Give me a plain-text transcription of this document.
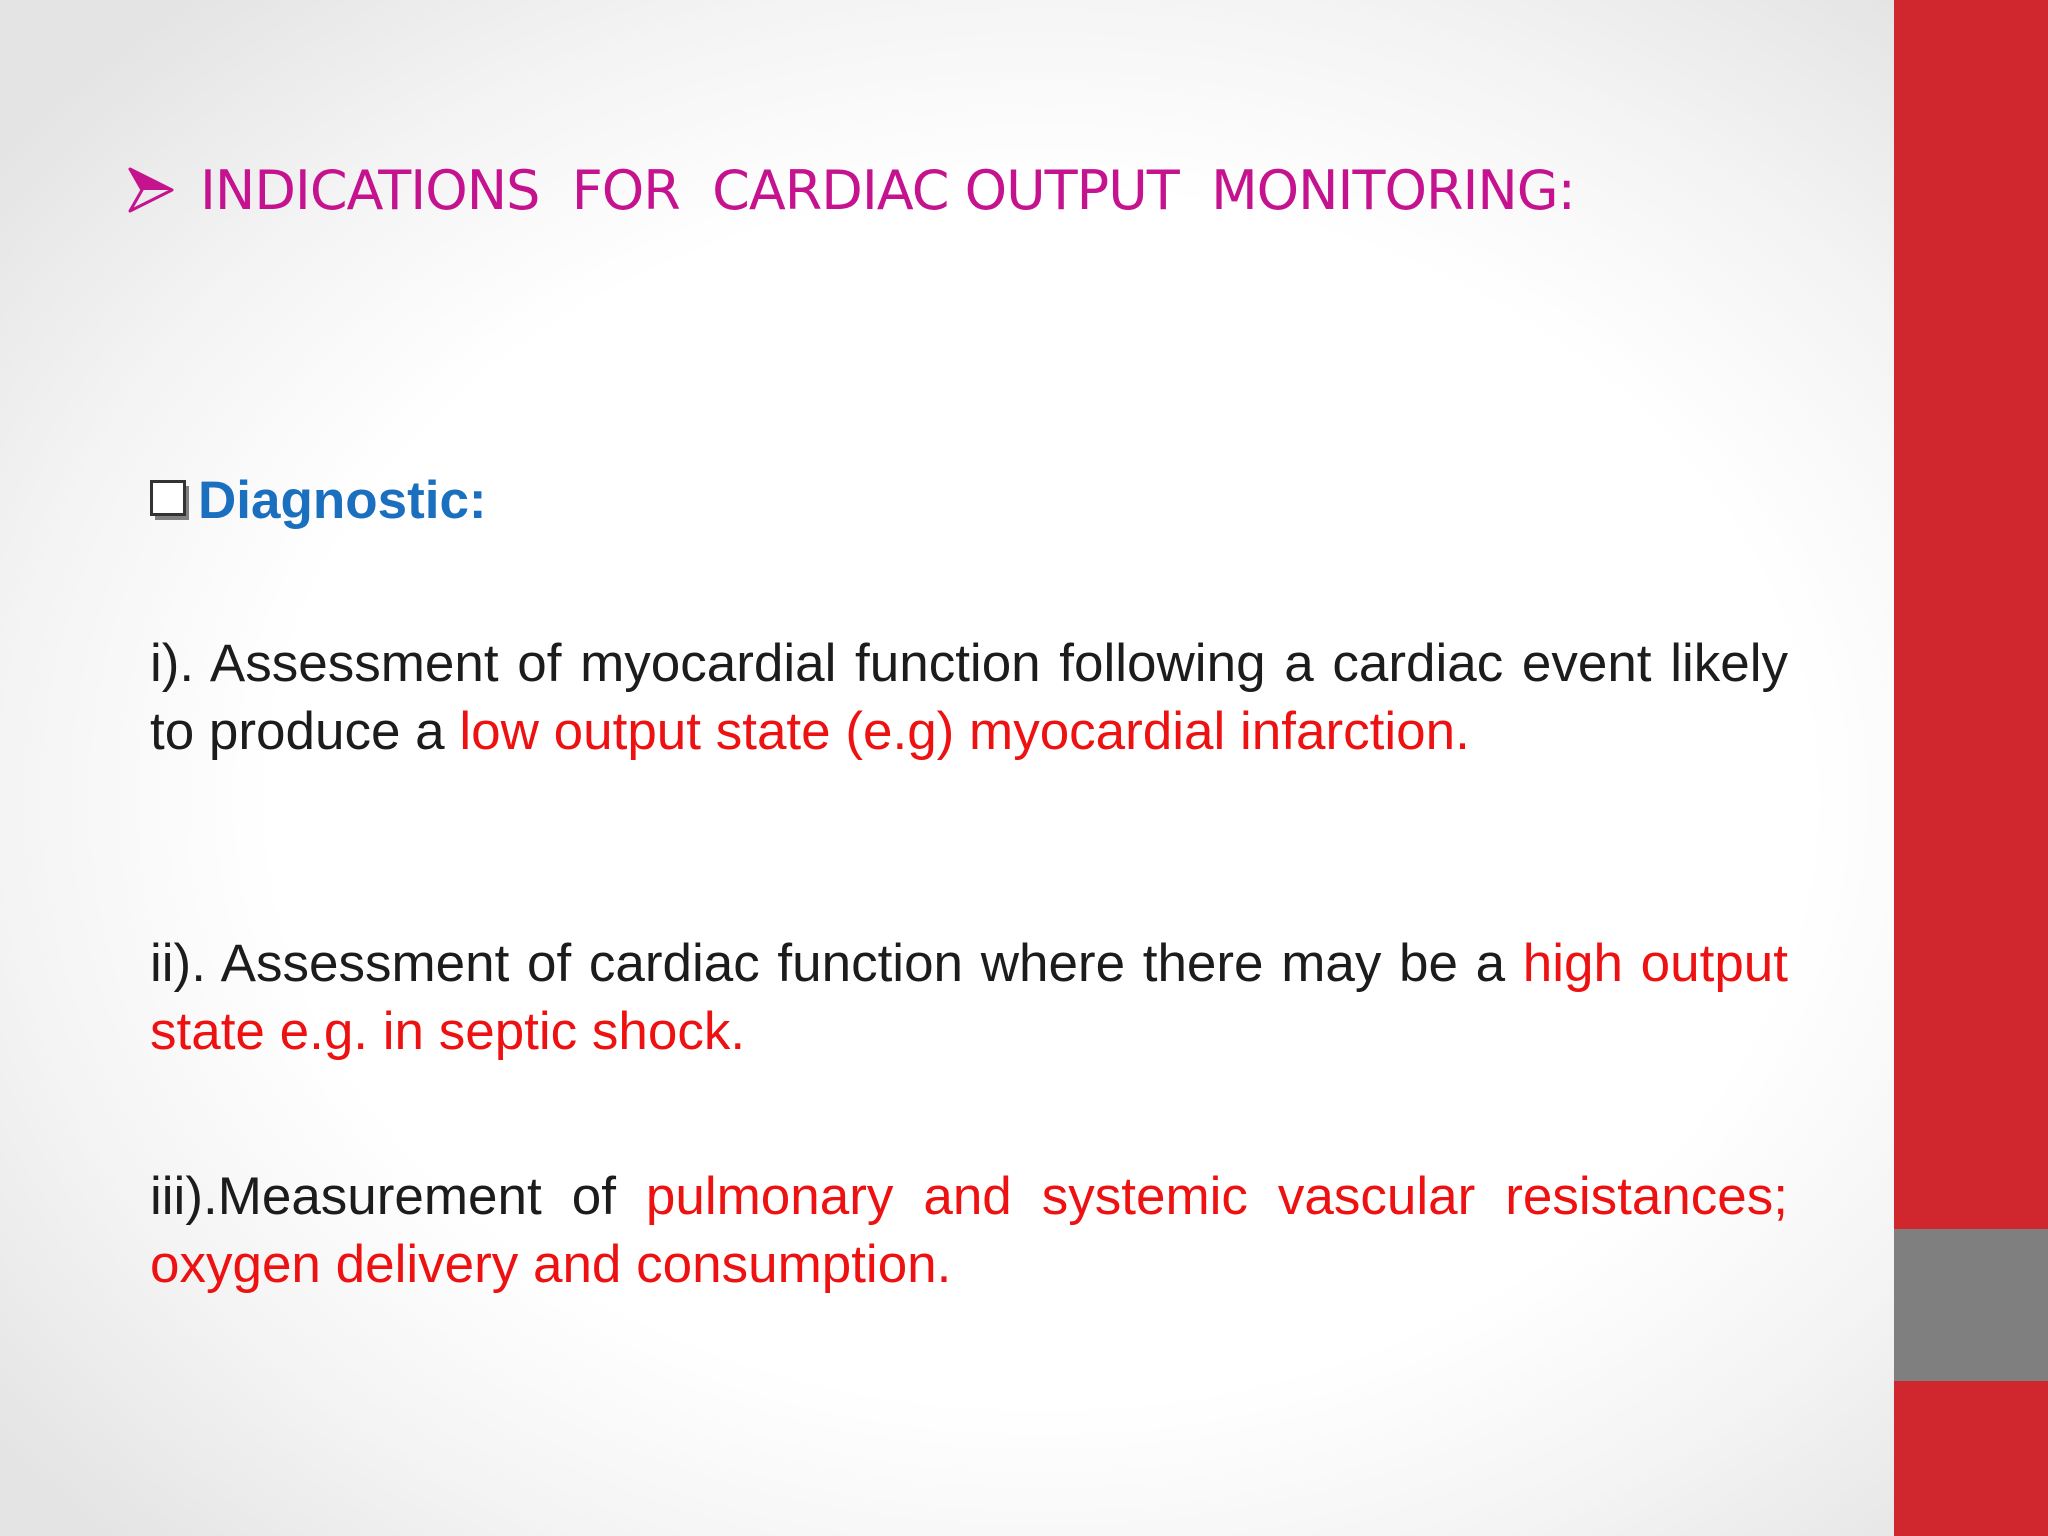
INDICATIONS  FOR  CARDIAC OUTPUT  MONITORING:
Diagnostic:
i). Assessment of myocardial function following a cardiac event likely to produce a low output state (e.g) myocardial infarction.
ii). Assessment of cardiac function where there may be a high output state e.g. in septic shock.
iii).Measurement of pulmonary and systemic vascular resistances; oxygen delivery and consumption.
